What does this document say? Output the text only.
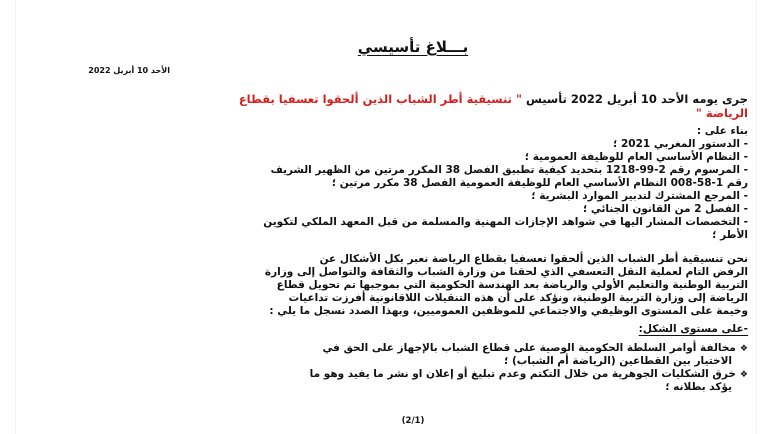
بـــلاغ تأسيسي
الأحد 10 أبريل 2022
جرى يومه الأحد 10 أبريل 2022 تأسيس " تنسيقية أطر الشباب الذين ألحقوا تعسفيا بقطاع
الرياضة "
بناء على :
- الدستور المغربي 2021 ؛
- النظام الأساسي العام للوظيفة العمومية ؛
- المرسوم رقم 2-99-1218 بتحديد كيفية تطبيق الفصل 38 المكرر مرتين من الظهير الشريف
رقم 1-58-008 النظام الأساسي العام للوظيفة العمومية الفصل 38 مكرر مرتين ؛
- المرجع المشترك لتدبير الموارد البشرية ؛
- الفصل 2 من القانون الجنائي ؛
- التخصصات المشار اليها في شواهد الإجازات المهنية والمسلمة من قبل المعهد الملكي لتكوين
الأطر ؛
نحن تنسيقية أطر الشباب الذين ألحقوا تعسفيا بقطاع الرياضة نعبر بكل الأشكال عن
الرفض التام لعملية النقل التعسفي الذي لحقنا من وزارة الشباب والثقافة والتواصل إلى وزارة
التربية الوطنية والتعليم الأولي والرياضة بعد الهندسة الحكومية التي بموجبها تم تحويل قطاع
الرياضة إلى وزارة التربية الوطنية، ونؤكد على أن هذه التنقيلات اللاقانونية أفرزت تداعيات
وخيمة على المستوى الوظيفي والاجتماعي للموظفين العموميين، وبهذا الصدد نسجل ما يلي :
-على مستوى الشكل:
❖مخالفة أوامر السلطة الحكومية الوصية على قطاع الشباب بالإجهاز على الحق في
الاختيار بين القطاعين (الرياضة أم الشباب) ؛
❖خرق الشكليات الجوهرية من خلال التكتم وعدم تبليغ أو إعلان او نشر ما يفيد وهو ما
يؤكد بطلانه ؛
(2/1)
